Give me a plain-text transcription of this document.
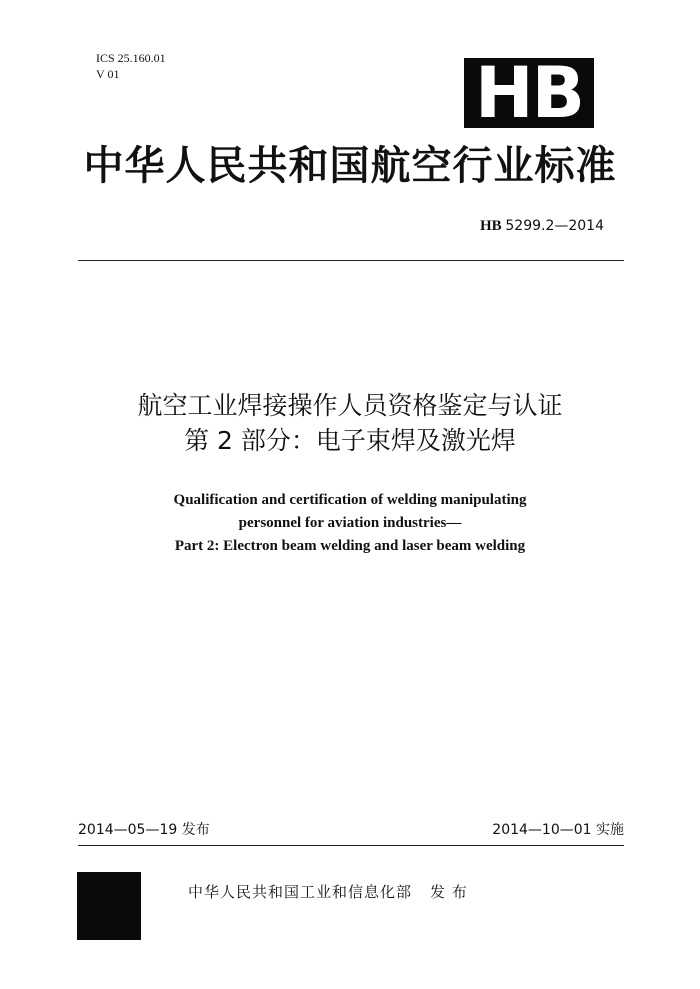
ICS 25.160.01
V 01	HB
中华人民共和国航空行业标准
HB 5299.2—2014
航空工业焊接操作人员资格鉴定与认证
第 2 部分：电子束焊及激光焊
Qualification and certification of welding manipulating
personnel for aviation industries—
Part 2: Electron beam welding and laser beam welding
2014—05—19 发布	2014—10—01 实施
中华人民共和国工业和信息化部 发 布
